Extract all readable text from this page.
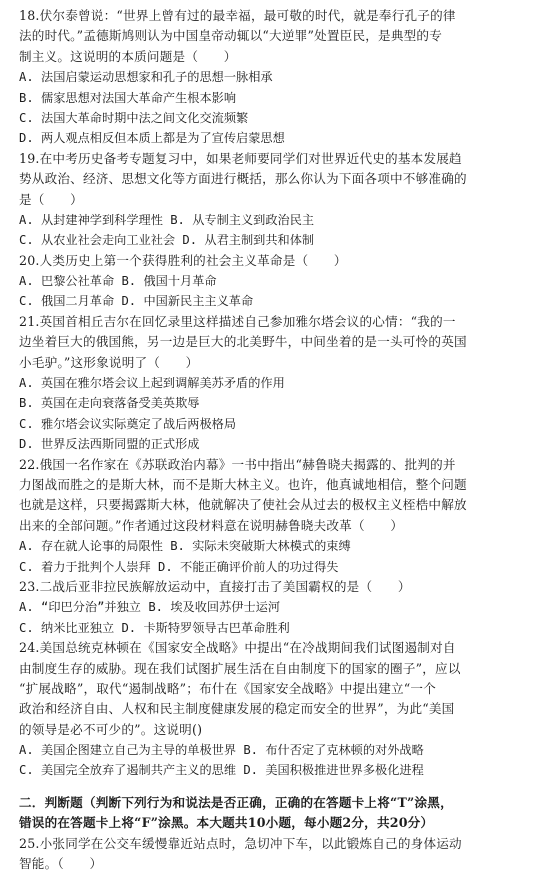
18.伏尔泰曾说：“世界上曾有过的最幸福，最可敬的时代，就是奉行孔子的律
法的时代。”孟德斯鸠则认为中国皇帝动辄以“大逆罪”处置臣民，是典型的专
制主义。这说明的本质问题是（　　）
A. 法国启蒙运动思想家和孔子的思想一脉相承
B. 儒家思想对法国大革命产生根本影响
C. 法国大革命时期中法之间文化交流频繁
D. 两人观点相反但本质上都是为了宣传启蒙思想
19.在中考历史备考专题复习中，如果老师要同学们对世界近代史的基本发展趋
势从政治、经济、思想文化等方面进行概括，那么你认为下面各项中不够准确的
是（　　）
A. 从封建神学到科学理性 B. 从专制主义到政治民主
C. 从农业社会走向工业社会 D. 从君主制到共和体制
20.人类历史上第一个获得胜利的社会主义革命是（　　）
A. 巴黎公社革命 B. 俄国十月革命
C. 俄国二月革命 D. 中国新民主主义革命
21.英国首相丘吉尔在回忆录里这样描述自己参加雅尔塔会议的心情：“我的一
边坐着巨大的俄国熊，另一边是巨大的北美野牛，中间坐着的是一头可怜的英国
小毛驴。”这形象说明了（　　）
A. 英国在雅尔塔会议上起到调解美苏矛盾的作用
B. 英国在走向衰落备受美英欺辱
C. 雅尔塔会议实际奠定了战后两极格局
D. 世界反法西斯同盟的正式形成
22.俄国一名作家在《苏联政治内幕》一书中指出“赫鲁晓夫揭露的、批判的并
力图战而胜之的是斯大林，而不是斯大林主义。也许，他真诚地相信，整个问题
也就是这样，只要揭露斯大林，他就解决了使社会从过去的极权主义桎梏中解放
出来的全部问题。”作者通过这段材料意在说明赫鲁晓夫改革（　　）
A. 存在就人论事的局限性 B. 实际未突破斯大林模式的束缚
C. 着力于批判个人崇拜 D. 不能正确评价前人的功过得失
23.二战后亚非拉民族解放运动中，直接打击了美国霸权的是（　　）
A. “印巴分治”并独立 B. 埃及收回苏伊士运河
C. 纳米比亚独立 D. 卡斯特罗领导古巴革命胜利
24.美国总统克林顿在《国家安全战略》中提出“在冷战期间我们试图遏制对自
由制度生存的威胁。现在我们试图扩展生活在自由制度下的国家的圈子”，应以
“扩展战略”，取代“遏制战略”；布什在《国家安全战略》中提出建立“一个
政治和经济自由、人权和民主制度健康发展的稳定而安全的世界”，为此“美国
的领导是必不可少的”。这说明()
A. 美国企图建立自己为主导的单极世界 B. 布什否定了克林顿的对外战略
C. 美国完全放弃了遏制共产主义的思维 D. 美国积极推进世界多极化进程
二．判断题（判断下列行为和说法是否正确，正确的在答题卡上将“T”涂黑，
错误的在答题卡上将“F”涂黑。本大题共10小题，每小题2分，共20分）
25.小张同学在公交车缓慢靠近站点时，急切冲下车，以此锻炼自己的身体运动
智能。（　　）
